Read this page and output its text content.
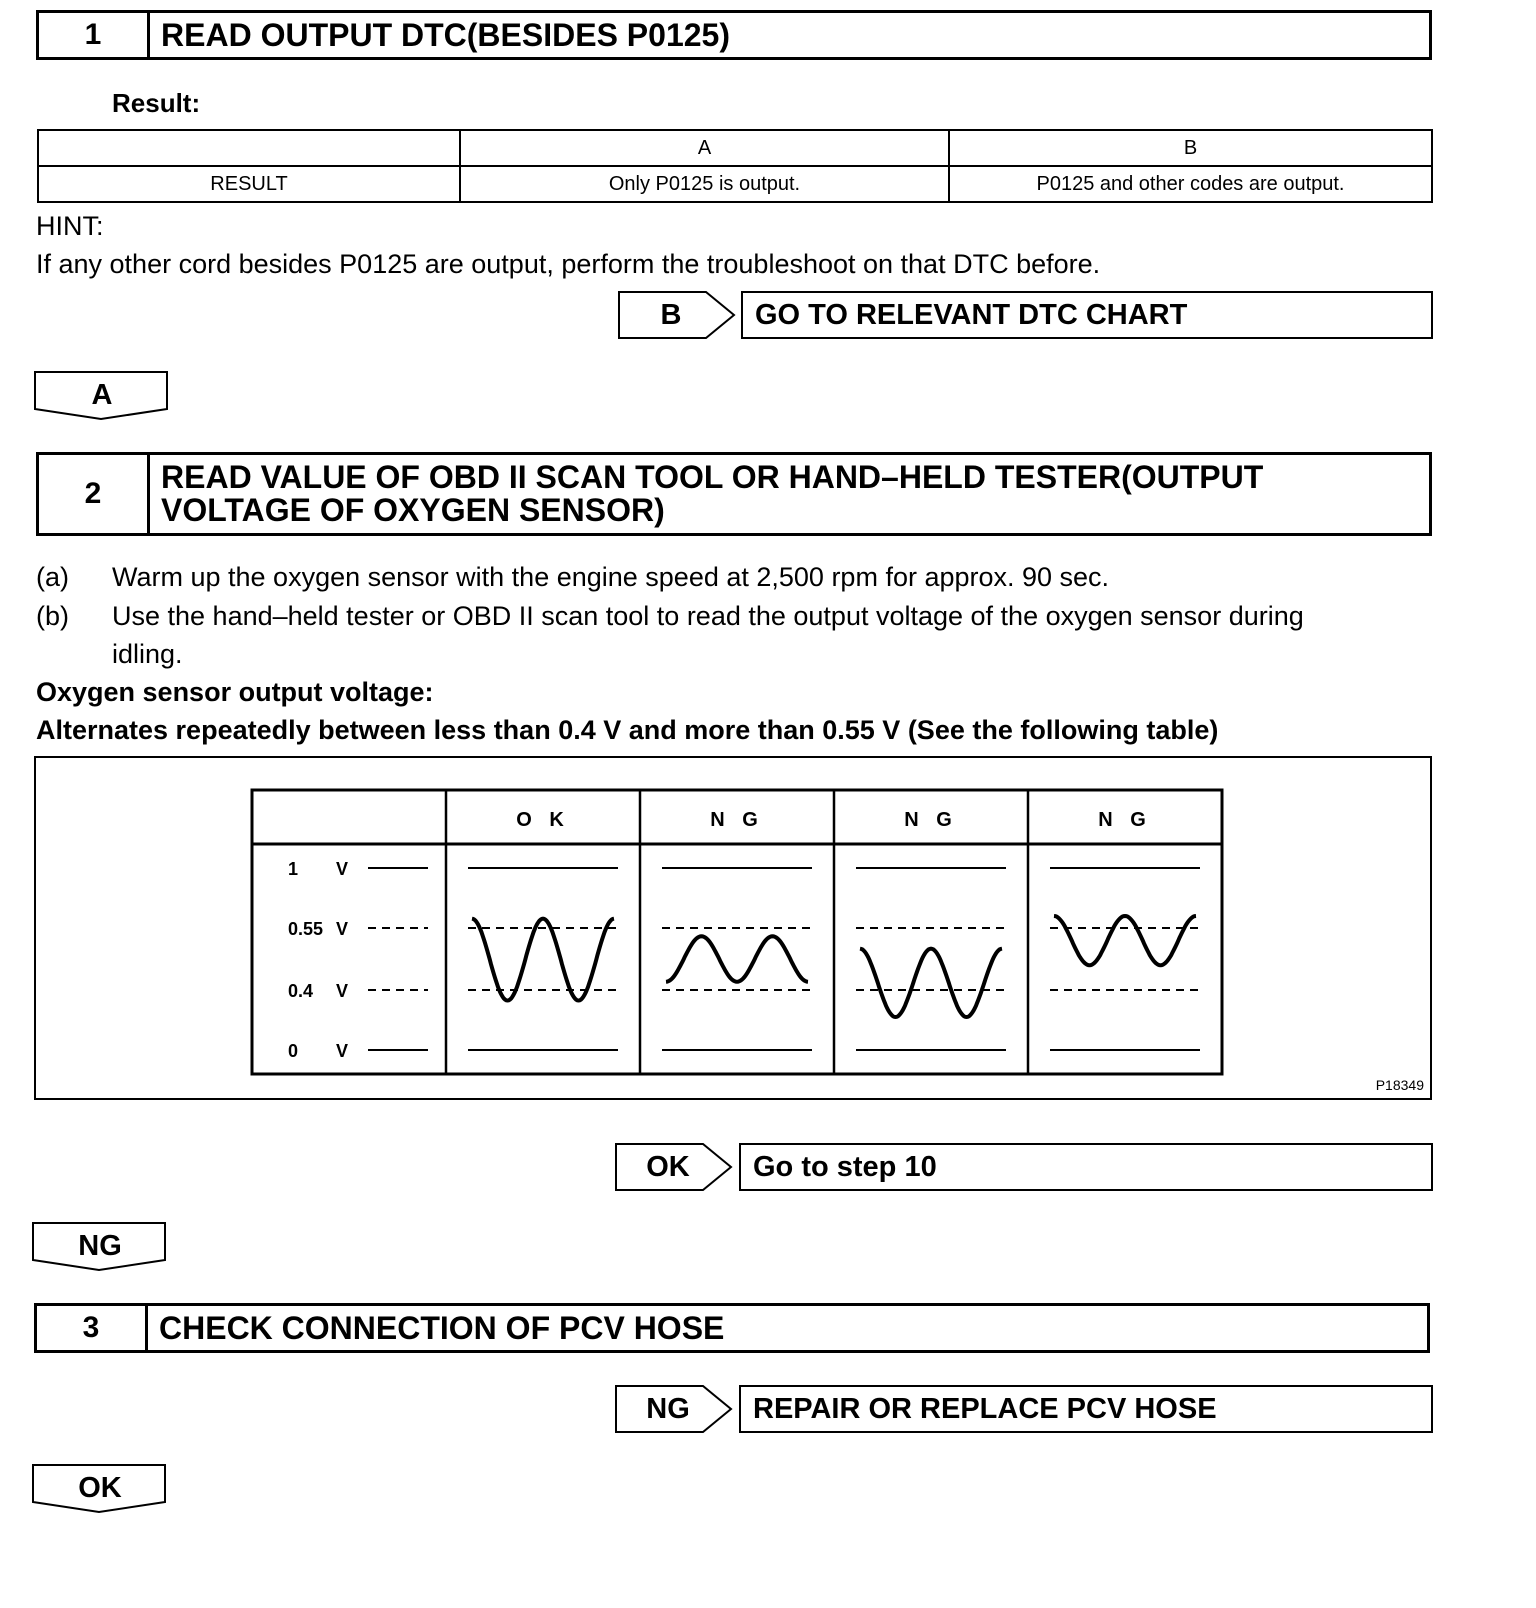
1	READ OUTPUT DTC(BESIDES P0125)
Result:
	A	B
RESULT	Only P0125 is output.	P0125 and other codes are output.
HINT:
If any other cord besides P0125 are output, perform the troubleshoot on that DTC before.
B	GO TO RELEVANT DTC CHART
A
2	READ VALUE OF OBD II SCAN TOOL OR HAND–HELD TESTER(OUTPUT
VOLTAGE OF OXYGEN SENSOR)
(a) Warm up the oxygen sensor with the engine speed at 2,500 rpm for approx. 90 sec.
(b) Use the hand–held tester or OBD II scan tool to read the output voltage of the oxygen sensor during
idling.
Oxygen sensor output voltage:
Alternates repeatedly between less than 0.4 V and more than 0.55 V (See the following table)
O K	N G	N G	N G
1 V
0.55 V
0.4 V
0 V
P18349
OK	Go to step 10
NG
3	CHECK CONNECTION OF PCV HOSE
NG	REPAIR OR REPLACE PCV HOSE
OK
